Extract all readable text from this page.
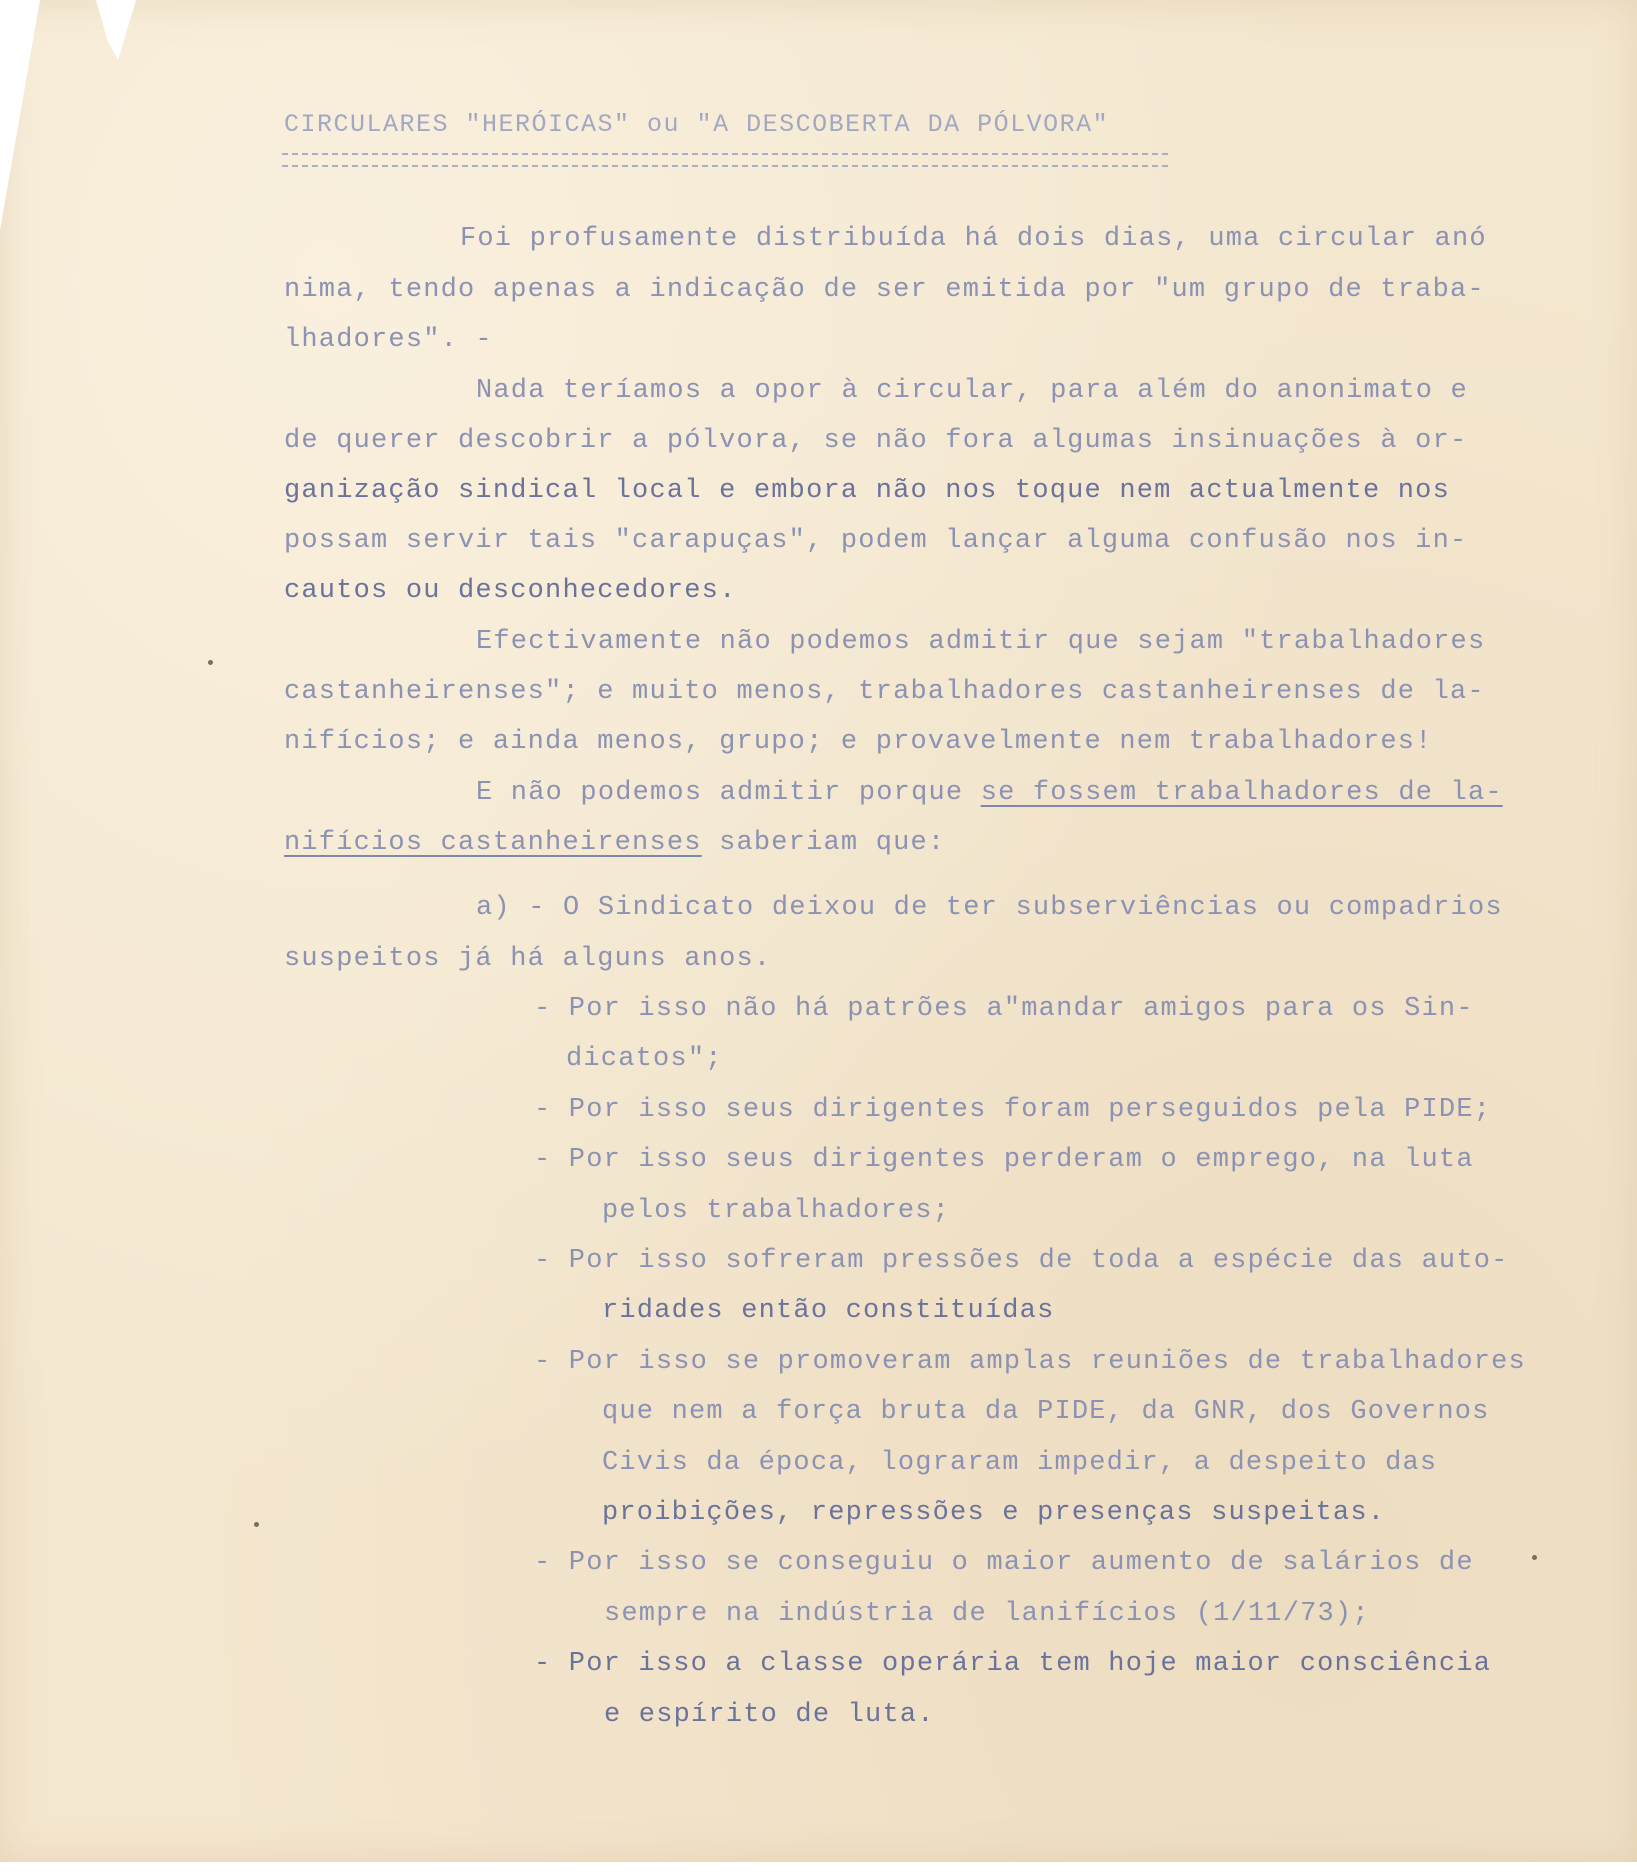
CIRCULARES "HERÓICAS" ou "A DESCOBERTA DA PÓLVORA"
Foi profusamente distribuída há dois dias, uma circular anó
nima, tendo apenas a indicação de ser emitida por "um grupo de traba-
lhadores". -
Nada teríamos a opor à circular, para além do anonimato e
de querer descobrir a pólvora, se não fora algumas insinuações à or-
ganização sindical local e embora não nos toque nem actualmente nos
possam servir tais "carapuças", podem lançar alguma confusão nos in-
cautos ou desconhecedores.
Efectivamente não podemos admitir que sejam "trabalhadores
castanheirenses"; e muito menos, trabalhadores castanheirenses de la-
nifícios; e ainda menos, grupo; e provavelmente nem trabalhadores!
E não podemos admitir porque se fossem trabalhadores de la-
nifícios castanheirenses saberiam que:
a) - O Sindicato deixou de ter subserviências ou compadrios
suspeitos já há alguns anos.
- Por isso não há patrões a"mandar amigos para os Sin-
dicatos";
- Por isso seus dirigentes foram perseguidos pela PIDE;
- Por isso seus dirigentes perderam o emprego, na luta
pelos trabalhadores;
- Por isso sofreram pressões de toda a espécie das auto-
ridades então constituídas
- Por isso se promoveram amplas reuniões de trabalhadores
que nem a força bruta da PIDE, da GNR, dos Governos
Civis da época, lograram impedir, a despeito das
proibições, repressões e presenças suspeitas.
- Por isso se conseguiu o maior aumento de salários de
sempre na indústria de lanifícios (1/11/73);
- Por isso a classe operária tem hoje maior consciência
e espírito de luta.
